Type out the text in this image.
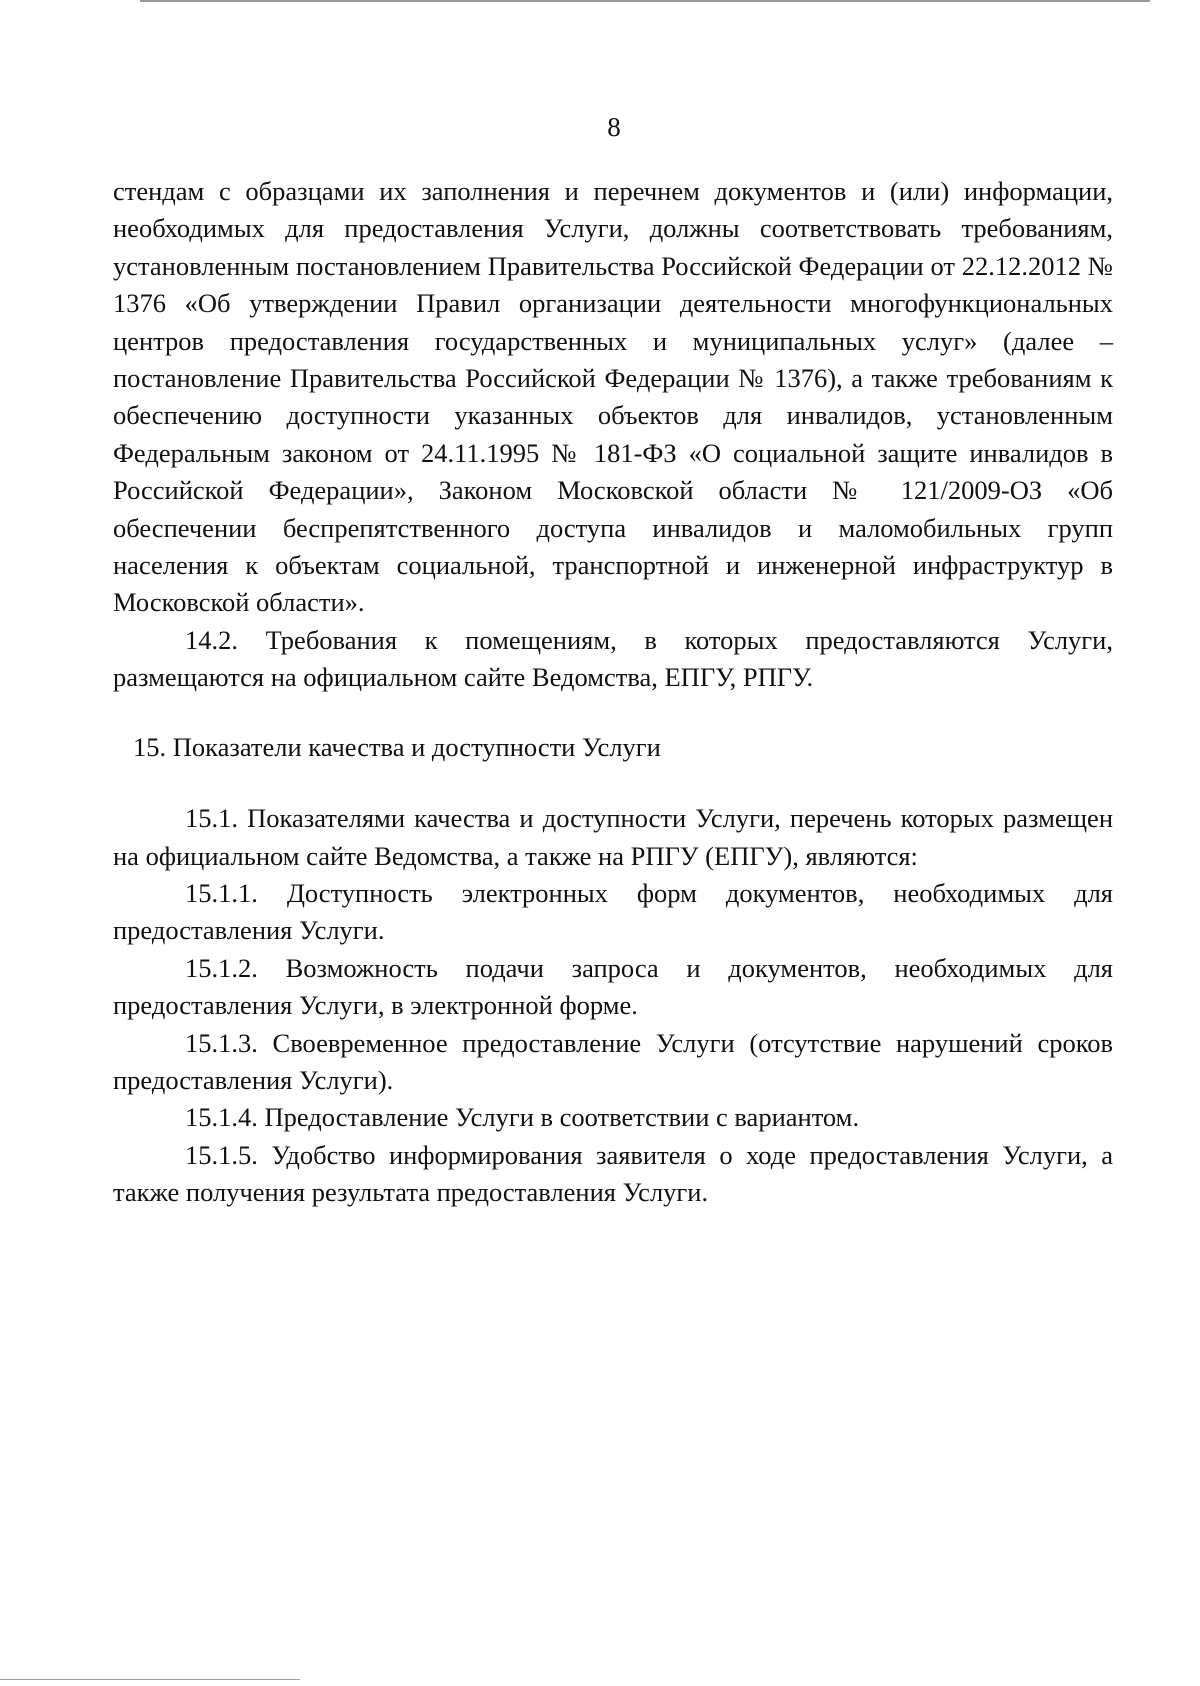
8

стендам с образцами их заполнения и перечнем документов и (или) информации, необходимых для предоставления Услуги, должны соответствовать требованиям, установленным постановлением Правительства Российской Федерации от 22.12.2012 № 1376 «Об утверждении Правил организации деятельности многофункциональных центров предоставления государственных и муниципальных услуг» (далее – постановление Правительства Российской Федерации № 1376), а также требованиям к обеспечению доступности указанных объектов для инвалидов, установленным Федеральным законом от 24.11.1995 № 181-ФЗ «О социальной защите инвалидов в Российской Федерации», Законом Московской области № 121/2009-ОЗ «Об обеспечении беспрепятственного доступа инвалидов и маломобильных групп населения к объектам социальной, транспортной и инженерной инфраструктур в Московской области».

14.2. Требования к помещениям, в которых предоставляются Услуги, размещаются на официальном сайте Ведомства, ЕПГУ, РПГУ.

15. Показатели качества и доступности Услуги

15.1. Показателями качества и доступности Услуги, перечень которых размещен на официальном сайте Ведомства, а также на РПГУ (ЕПГУ), являются:

15.1.1. Доступность электронных форм документов, необходимых для предоставления Услуги.

15.1.2. Возможность подачи запроса и документов, необходимых для предоставления Услуги, в электронной форме.

15.1.3. Своевременное предоставление Услуги (отсутствие нарушений сроков предоставления Услуги).

15.1.4. Предоставление Услуги в соответствии с вариантом.

15.1.5. Удобство информирования заявителя о ходе предоставления Услуги, а также получения результата предоставления Услуги.
